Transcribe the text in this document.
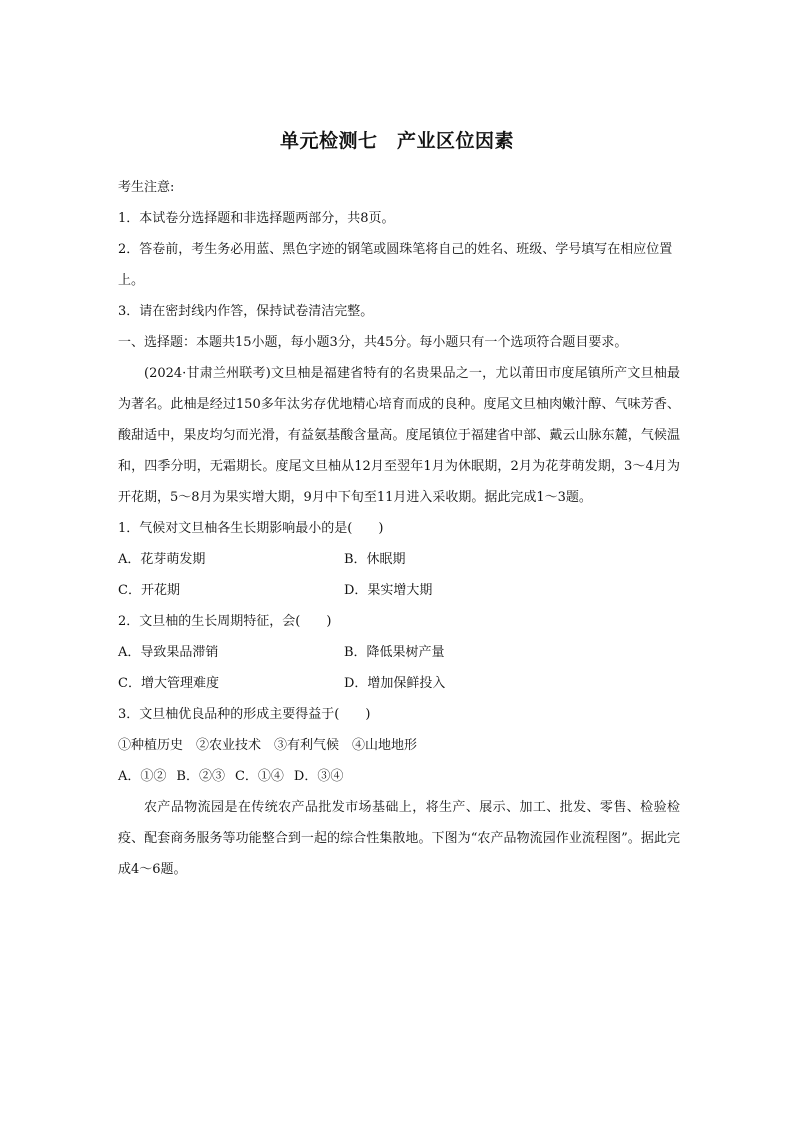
单元检测七　产业区位因素

考生注意:

1．本试卷分选择题和非选择题两部分，共8页。

2．答卷前，考生务必用蓝、黑色字迹的钢笔或圆珠笔将自己的姓名、班级、学号填写在相应位置上。

3．请在密封线内作答，保持试卷清洁完整。

一、选择题：本题共15小题，每小题3分，共45分。每小题只有一个选项符合题目要求。

(2024·甘肃兰州联考)文旦柚是福建省特有的名贵果品之一，尤以莆田市度尾镇所产文旦柚最为著名。此柚是经过150多年汰劣存优地精心培育而成的良种。度尾文旦柚肉嫩汁醇、气味芳香、酸甜适中，果皮均匀而光滑，有益氨基酸含量高。度尾镇位于福建省中部、戴云山脉东麓，气候温和，四季分明，无霜期长。度尾文旦柚从12月至翌年1月为休眠期，2月为花芽萌发期，3～4月为开花期，5～8月为果实增大期，9月中下旬至11月进入采收期。据此完成1～3题。

1．气候对文旦柚各生长期影响最小的是(　　)

A．花芽萌发期	B．休眠期
C．开花期	D．果实增大期

2．文旦柚的生长周期特征，会(　　)

A．导致果品滞销	B．降低果树产量
C．增大管理难度	D．增加保鲜投入

3．文旦柚优良品种的形成主要得益于(　　)

①种植历史　②农业技术　③有利气候　④山地地形

A．①② B．②③ C．①④ D．③④

农产品物流园是在传统农产品批发市场基础上，将生产、展示、加工、批发、零售、检验检疫、配套商务服务等功能整合到一起的综合性集散地。下图为“农产品物流园作业流程图”。据此完成4～6题。
